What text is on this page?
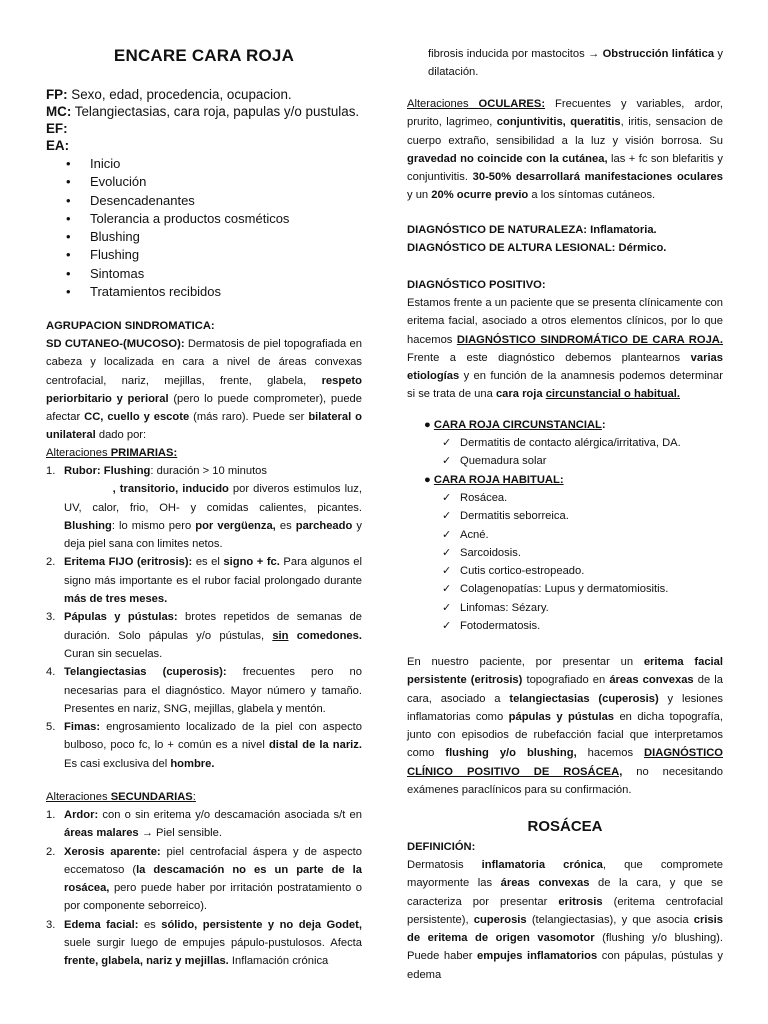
ENCARE CARA ROJA
FP: Sexo, edad, procedencia, ocupacion.
MC: Telangiectasias, cara roja, papulas y/o pustulas.
EF:
EA:
• Inicio
• Evolución
• Desencadenantes
• Tolerancia a productos cosméticos
• Blushing
• Flushing
• Sintomas
• Tratamientos recibidos

AGRUPACION SINDROMATICA:

SD CUTANEO-(MUCOSO): Dermatosis de piel topografiada en cabeza y localizada en cara a nivel de áreas convexas centrofacial, nariz, mejillas, frente, glabela, respeto periorbitario y perioral (pero lo puede comprometer), puede afectar CC, cuello y escote (más raro). Puede ser bilateral o unilateral dado por:

Alteraciones PRIMARIAS:

1. Rubor: Flushing: duración > 10 minutos
, transitorio, inducido por diveros estimulos luz, UV, calor, frio, OH- y comidas calientes, picantes. Blushing: lo mismo pero por vergüenza, es parcheado y deja piel sana con limites netos.
2. Eritema FIJO (eritrosis): es el signo + fc. Para algunos el signo más importante es el rubor facial prolongado durante más de tres meses.
3. Pápulas y pústulas: brotes repetidos de semanas de duración. Solo pápulas y/o pústulas, sin comedones. Curan sin secuelas.
4. Telangiectasias (cuperosis): frecuentes pero no necesarias para el diagnóstico. Mayor número y tamaño. Presentes en nariz, SNG, mejillas, glabela y mentón.
5. Fimas: engrosamiento localizado de la piel con aspecto bulboso, poco fc, lo + común es a nivel distal de la nariz. Es casi exclusiva del hombre.

Alteraciones SECUNDARIAS:

1. Ardor: con o sin eritema y/o descamación asociada s/t en áreas malares → Piel sensible.
2. Xerosis aparente: piel centrofacial áspera y de aspecto eccematoso (la descamación no es un parte de la rosácea, pero puede haber por irritación postratamiento o por componente seborreico).
3. Edema facial: es sólido, persistente y no deja Godet, suele surgir luego de empujes pápulo-pustulosos. Afecta frente, glabela, nariz y mejillas. Inflamación crónica

fibrosis inducida por mastocitos → Obstrucción linfática y dilatación.

Alteraciones OCULARES: Frecuentes y variables, ardor, prurito, lagrimeo, conjuntivitis, queratitis, iritis, sensacion de cuerpo extraño, sensibilidad a la luz y visión borrosa. Su gravedad no coincide con la cutánea, las + fc son blefaritis y conjuntivitis. 30-50% desarrollará manifestaciones oculares y un 20% ocurre previo a los síntomas cutáneos.

DIAGNÓSTICO DE NATURALEZA: Inflamatoria.

DIAGNÓSTICO DE ALTURA LESIONAL: Dérmico.

DIAGNÓSTICO POSITIVO:

Estamos frente a un paciente que se presenta clínicamente con eritema facial, asociado a otros elementos clínicos, por lo que hacemos DIAGNÓSTICO SINDROMÁTICO DE CARA ROJA. Frente a este diagnóstico debemos plantearnos varias etiologías y en función de la anamnesis podemos determinar si se trata de una cara roja circunstancial o habitual.

● CARA ROJA CIRCUNSTANCIAL:
✓ Dermatitis de contacto alérgica/irritativa, DA.
✓ Quemadura solar
● CARA ROJA HABITUAL:
✓ Rosácea.
✓ Dermatitis seborreica.
✓ Acné.
✓ Sarcoidosis.
✓ Cutis cortico-estropeado.
✓ Colagenopatías: Lupus y dermatomiositis.
✓ Linfomas: Sézary.
✓ Fotodermatosis.

En nuestro paciente, por presentar un eritema facial persistente (eritrosis) topografiado en áreas convexas de la cara, asociado a telangiectasias (cuperosis) y lesiones inflamatorias como pápulas y pústulas en dicha topografía, junto con episodios de rubefacción facial que interpretamos como flushing y/o blushing, hacemos DIAGNÓSTICO CLÍNICO POSITIVO DE ROSÁCEA, no necesitando exámenes paraclínicos para su confirmación.

ROSÁCEA

DEFINICIÓN:

Dermatosis inflamatoria crónica, que compromete mayormente las áreas convexas de la cara, y que se caracteriza por presentar eritrosis (eritema centrofacial persistente), cuperosis (telangiectasias), y que asocia crisis de eritema de origen vasomotor (flushing y/o blushing). Puede haber empujes inflamatorios con pápulas, pústulas y edema
